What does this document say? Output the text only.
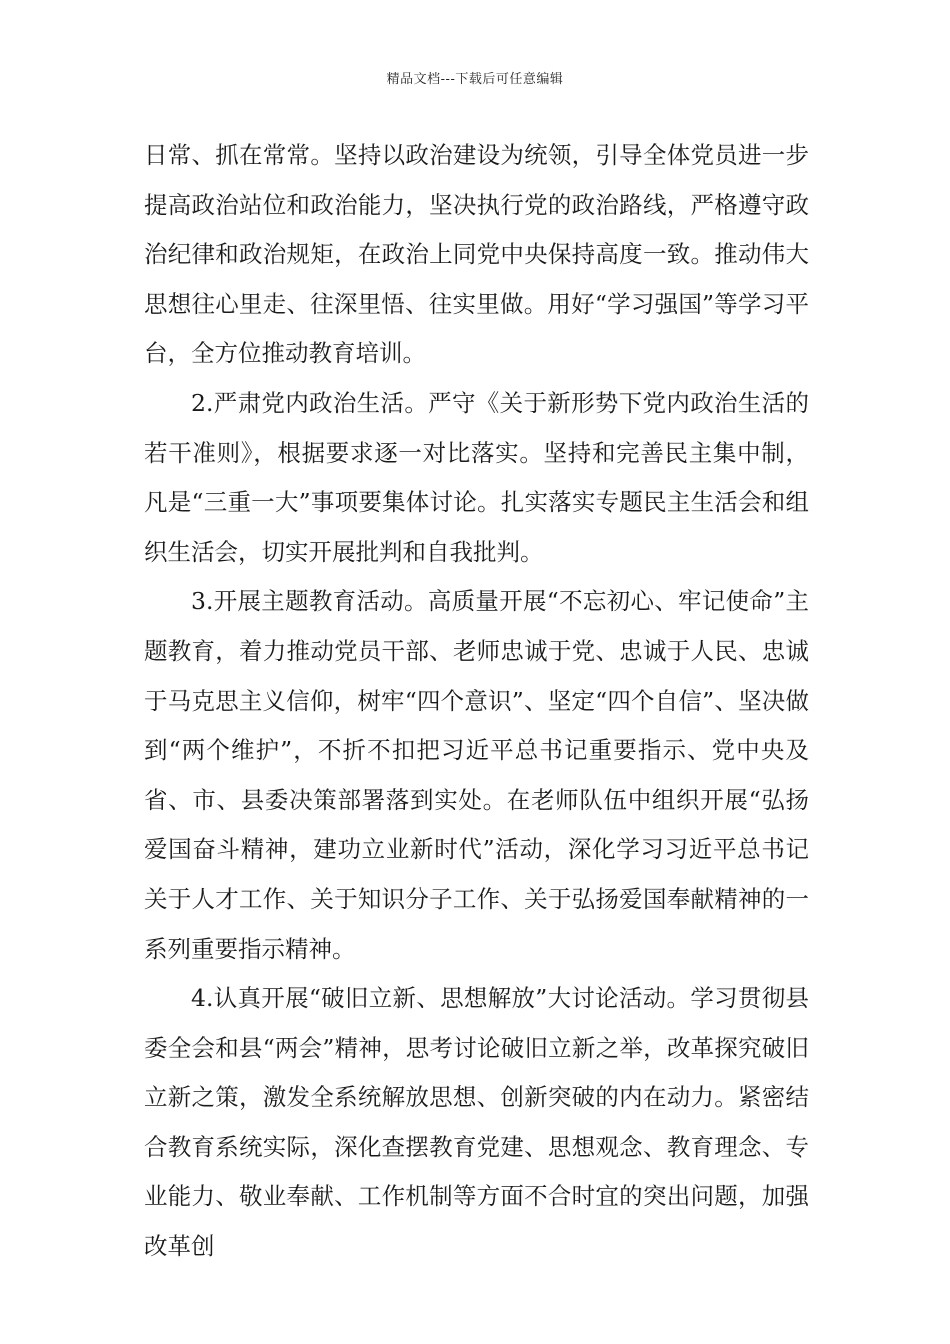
精品文档---下载后可任意编辑

日常、抓在常常。坚持以政治建设为统领，引导全体党员进一步提高政治站位和政治能力，坚决执行党的政治路线，严格遵守政治纪律和政治规矩，在政治上同党中央保持高度一致。推动伟大思想往心里走、往深里悟、往实里做。用好“学习强国”等学习平台，全方位推动教育培训。

2.严肃党内政治生活。严守《关于新形势下党内政治生活的若干准则》，根据要求逐一对比落实。坚持和完善民主集中制，凡是“三重一大”事项要集体讨论。扎实落实专题民主生活会和组织生活会，切实开展批判和自我批判。

3.开展主题教育活动。高质量开展“不忘初心、牢记使命”主题教育，着力推动党员干部、老师忠诚于党、忠诚于人民、忠诚于马克思主义信仰，树牢“四个意识”、坚定“四个自信”、坚决做到“两个维护”，不折不扣把习近平总书记重要指示、党中央及省、市、县委决策部署落到实处。在老师队伍中组织开展“弘扬爱国奋斗精神，建功立业新时代”活动，深化学习习近平总书记关于人才工作、关于知识分子工作、关于弘扬爱国奉献精神的一系列重要指示精神。

4.认真开展“破旧立新、思想解放”大讨论活动。学习贯彻县委全会和县“两会”精神，思考讨论破旧立新之举，改革探究破旧立新之策，激发全系统解放思想、创新突破的内在动力。紧密结合教育系统实际，深化查摆教育党建、思想观念、教育理念、专业能力、敬业奉献、工作机制等方面不合时宜的突出问题，加强改革创
